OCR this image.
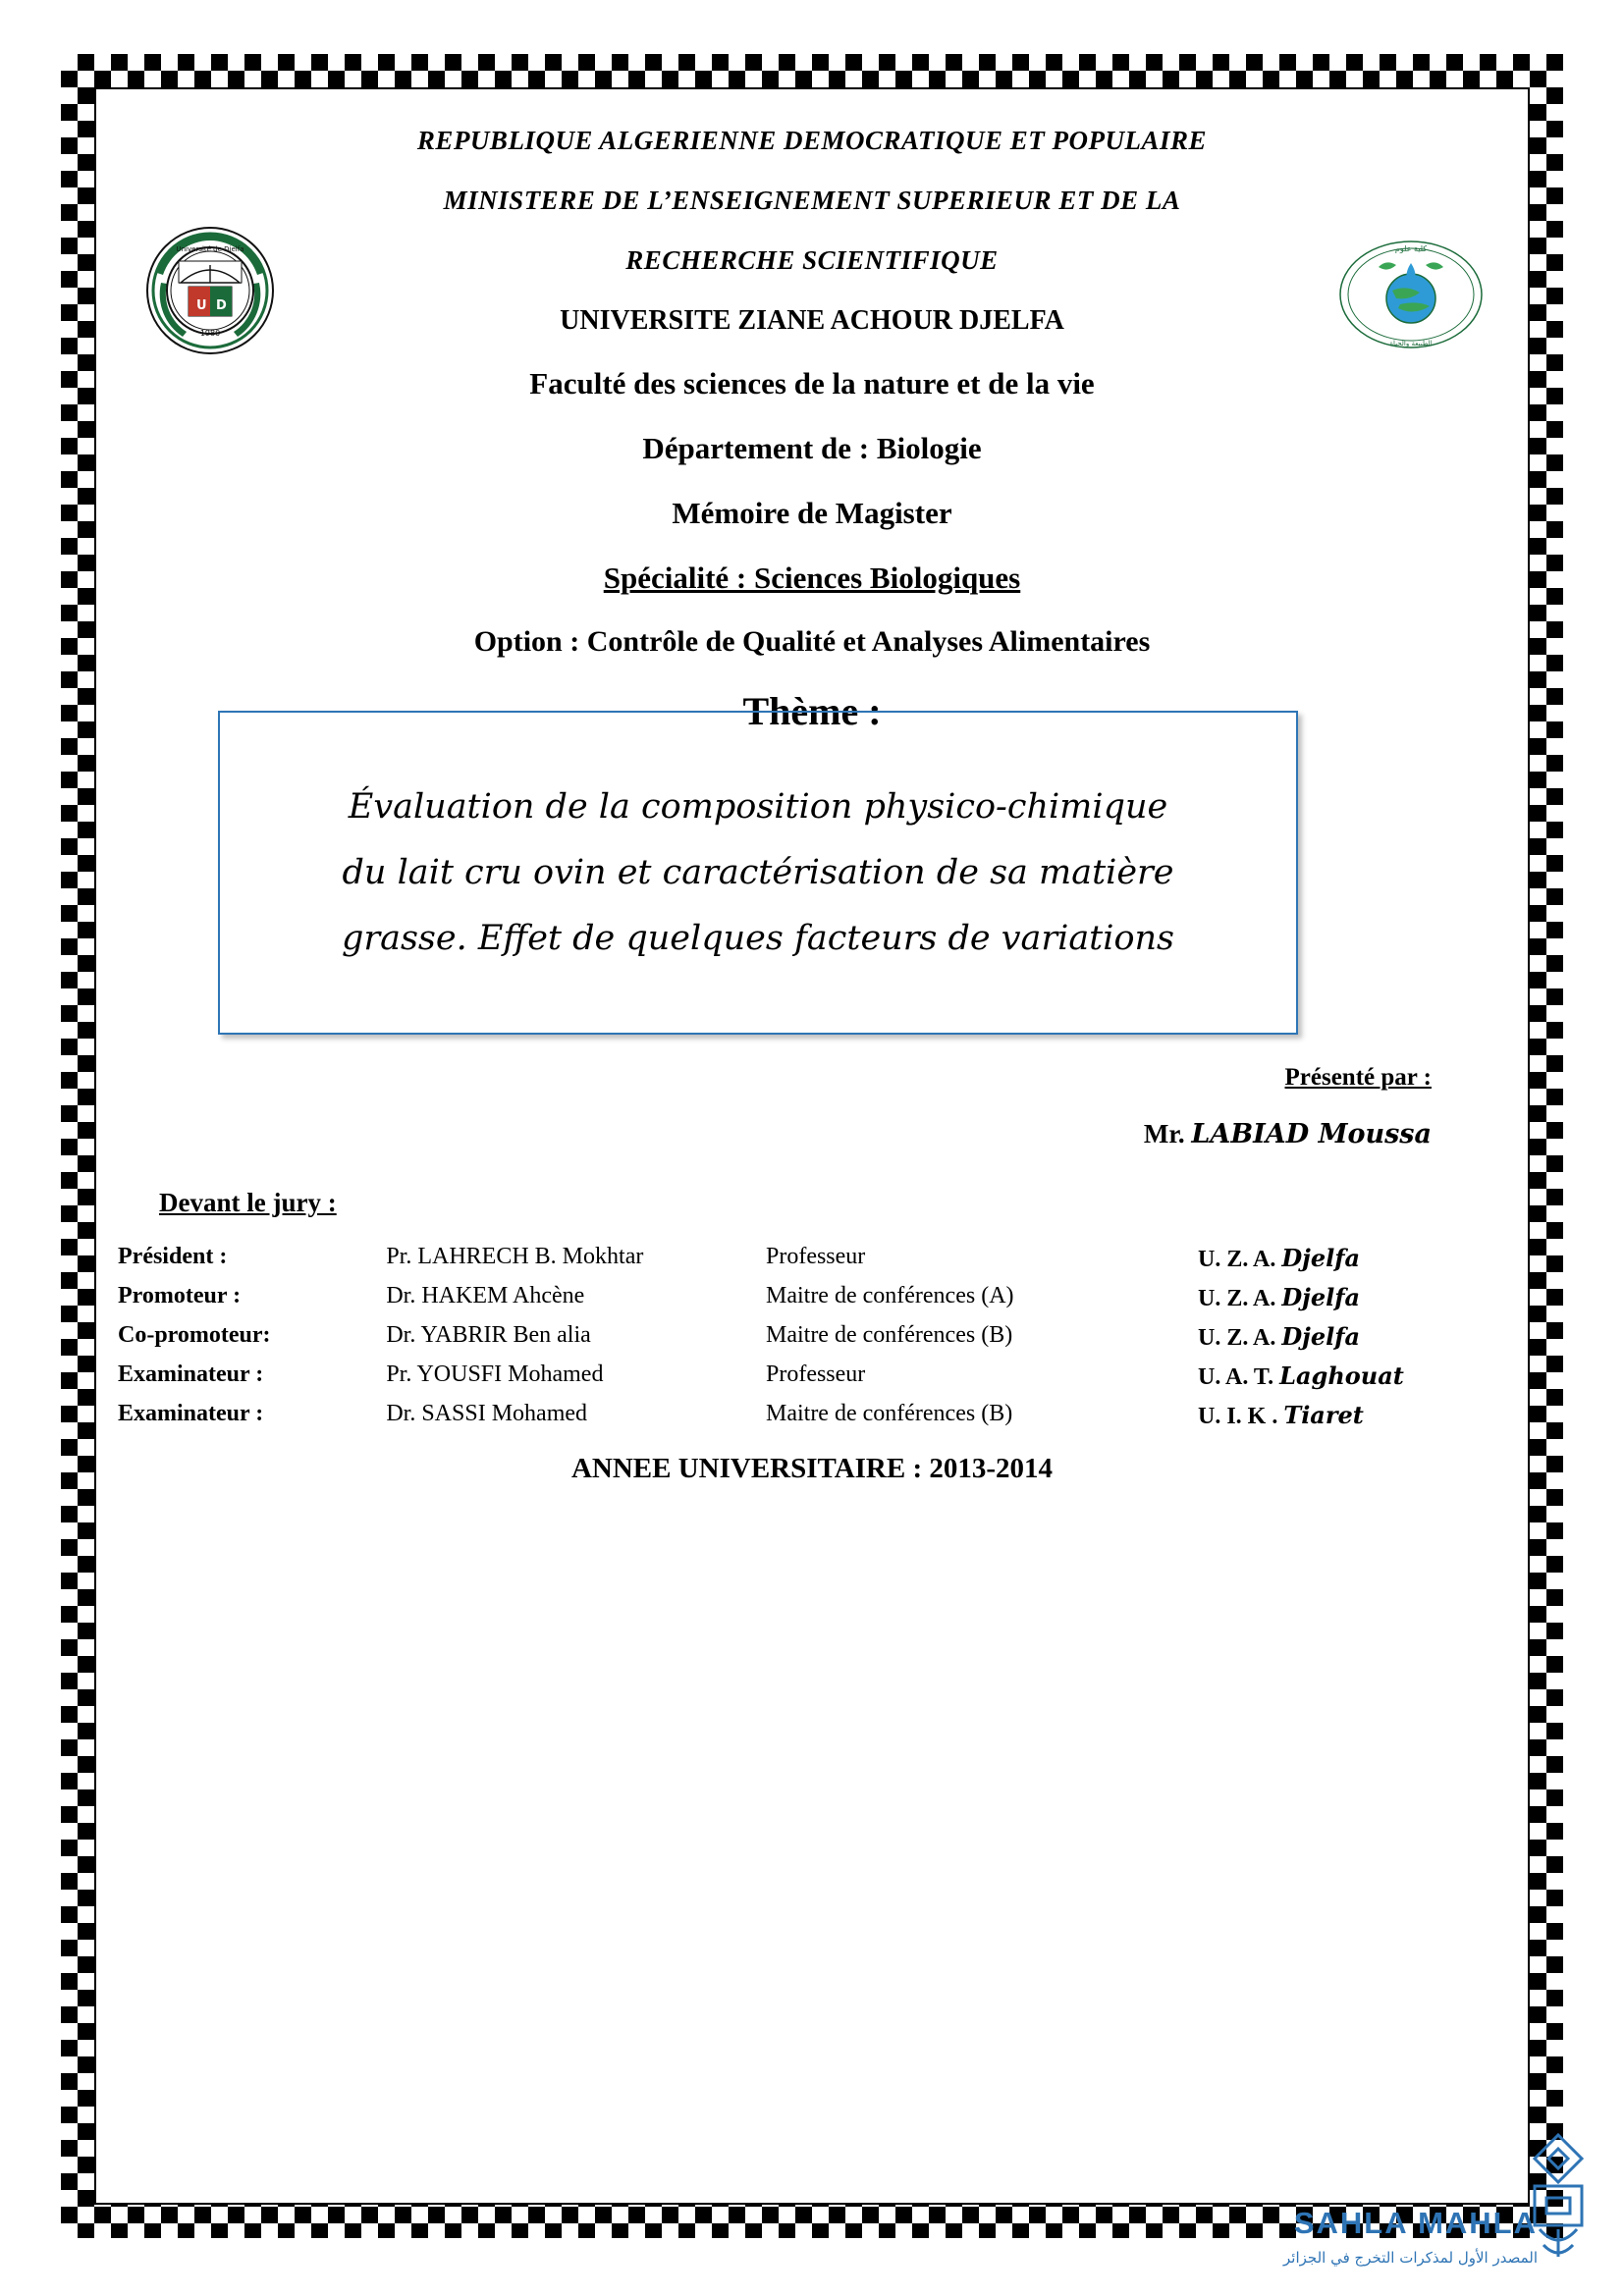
U D
Université de Djelfa
1980
كلية علوم
الطبيعة والحياة
REPUBLIQUE ALGERIENNE DEMOCRATIQUE ET POPULAIRE
MINISTERE DE L’ENSEIGNEMENT SUPERIEUR ET DE LA
RECHERCHE SCIENTIFIQUE
UNIVERSITE ZIANE ACHOUR DJELFA
Faculté des sciences de la nature et de la vie
Département de : Biologie
Mémoire de Magister
Spécialité : Sciences Biologiques
Option : Contrôle de Qualité et Analyses Alimentaires
Thème :
Évaluation de la composition physico-chimique
du lait cru ovin et caractérisation de sa matière
grasse. Effet de quelques facteurs de variations
Présenté par :
Mr. LABIAD Moussa
Devant le jury :
Président :	Pr. LAHRECH B. Mokhtar	Professeur	U. Z. A. Djelfa
Promoteur :	Dr. HAKEM Ahcène	Maitre de conférences (A)	U. Z. A. Djelfa
Co-promoteur:	Dr. YABRIR Ben alia	Maitre de conférences (B)	U. Z. A. Djelfa
Examinateur :	Pr. YOUSFI Mohamed	Professeur	U. A. T. Laghouat
Examinateur :	Dr. SASSI Mohamed	Maitre de conférences (B)	U. I. K . Tiaret
ANNEE UNIVERSITAIRE : 2013-2014
SAHLA MAHLA
المصدر الأول لمذكرات التخرج في الجزائر
